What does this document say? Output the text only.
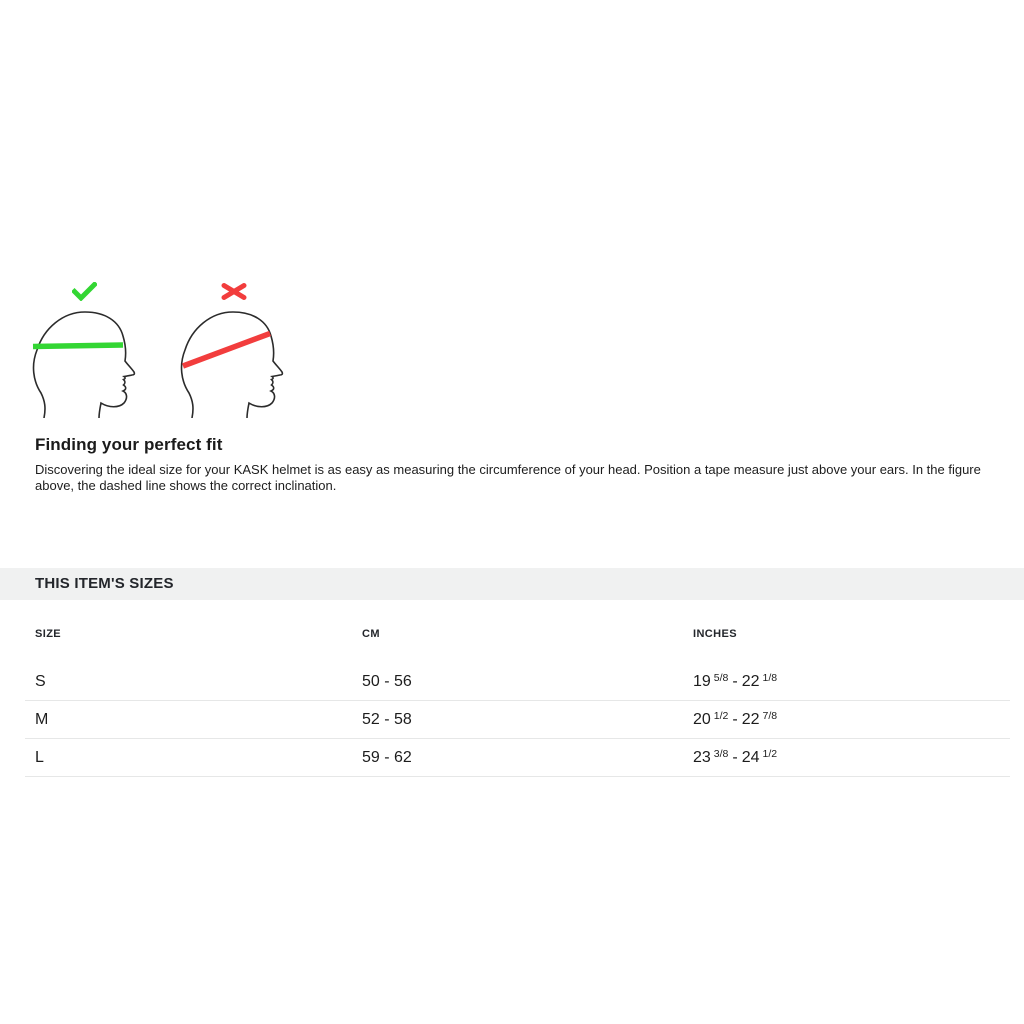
Finding your perfect fit

Discovering the ideal size for your KASK helmet is as easy as measuring the circumference of your head. Position a tape measure just above your ears. In the figure above, the dashed line shows the correct inclination.

THIS ITEM'S SIZES
SIZE	CM	INCHES
S	50 - 56	19 $^{5/8}$ - 22 $^{1/8}$
M	52 - 58	20 $^{1/2}$ - 22 $^{7/8}$
L	59 - 62	23 $^{3/8}$ - 24 $^{1/2}$
